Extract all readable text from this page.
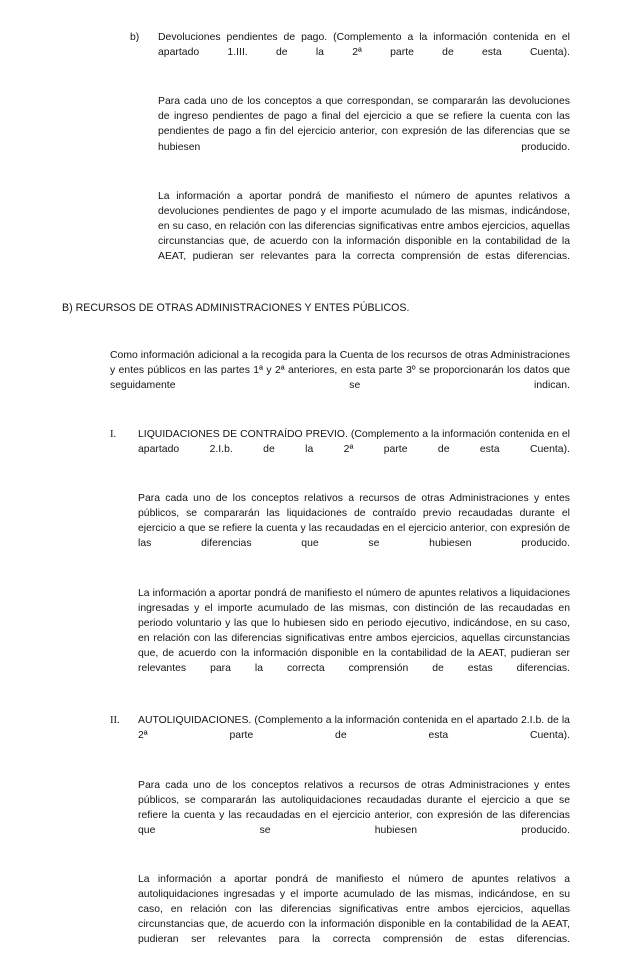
b)	Devoluciones pendientes de pago. (Complemento a la información contenida en el apartado 1.III. de la 2ª parte de esta Cuenta).

Para cada uno de los conceptos a que correspondan, se compararán las devoluciones de ingreso pendientes de pago a final del ejercicio a que se refiere la cuenta con las pendientes de pago a fin del ejercicio anterior, con expresión de las diferencias que se hubiesen producido.

La información a aportar pondrá de manifiesto el número de apuntes relativos a devoluciones pendientes de pago y el importe acumulado de las mismas, indicándose, en su caso, en relación con las diferencias significativas entre ambos ejercicios, aquellas circunstancias que, de acuerdo con la información disponible en la contabilidad de la AEAT, pudieran ser relevantes para la correcta comprensión de estas diferencias.

B) RECURSOS DE OTRAS ADMINISTRACIONES Y ENTES PÚBLICOS.

Como información adicional a la recogida para la Cuenta de los recursos de otras Administraciones y entes públicos en las partes 1ª y 2ª anteriores, en esta parte 3º se proporcionarán los datos que seguidamente se indican.

I.	LIQUIDACIONES DE CONTRAÍDO PREVIO. (Complemento a la información contenida en el apartado 2.I.b. de la 2ª parte de esta Cuenta).

Para cada uno de los conceptos relativos a recursos de otras Administraciones y entes públicos, se compararán las liquidaciones de contraído previo recaudadas durante el ejercicio a que se refiere la cuenta y las recaudadas en el ejercicio anterior, con expresión de las diferencias que se hubiesen producido.

La información a aportar pondrá de manifiesto el número de apuntes relativos a liquidaciones ingresadas y el importe acumulado de las mismas, con distinción de las recaudadas en periodo voluntario y las que lo hubiesen sido en periodo ejecutivo, indicándose, en su caso, en relación con las diferencias significativas entre ambos ejercicios, aquellas circunstancias que, de acuerdo con la información disponible en la contabilidad de la AEAT, pudieran ser relevantes para la correcta comprensión de estas diferencias.

II.	AUTOLIQUIDACIONES. (Complemento a la información contenida en el apartado 2.I.b. de la 2ª parte de esta Cuenta).

Para cada uno de los conceptos relativos a recursos de otras Administraciones y entes públicos, se compararán las autoliquidaciones recaudadas durante el ejercicio a que se refiere la cuenta y las recaudadas en el ejercicio anterior, con expresión de las diferencias que se hubiesen producido.

La información a aportar pondrá de manifiesto el número de apuntes relativos a autoliquidaciones ingresadas y el importe acumulado de las mismas, indicándose, en su caso, en relación con las diferencias significativas entre ambos ejercicios, aquellas circunstancias que, de acuerdo con la información disponible en la contabilidad de la AEAT, pudieran ser relevantes para la correcta comprensión de estas diferencias.
